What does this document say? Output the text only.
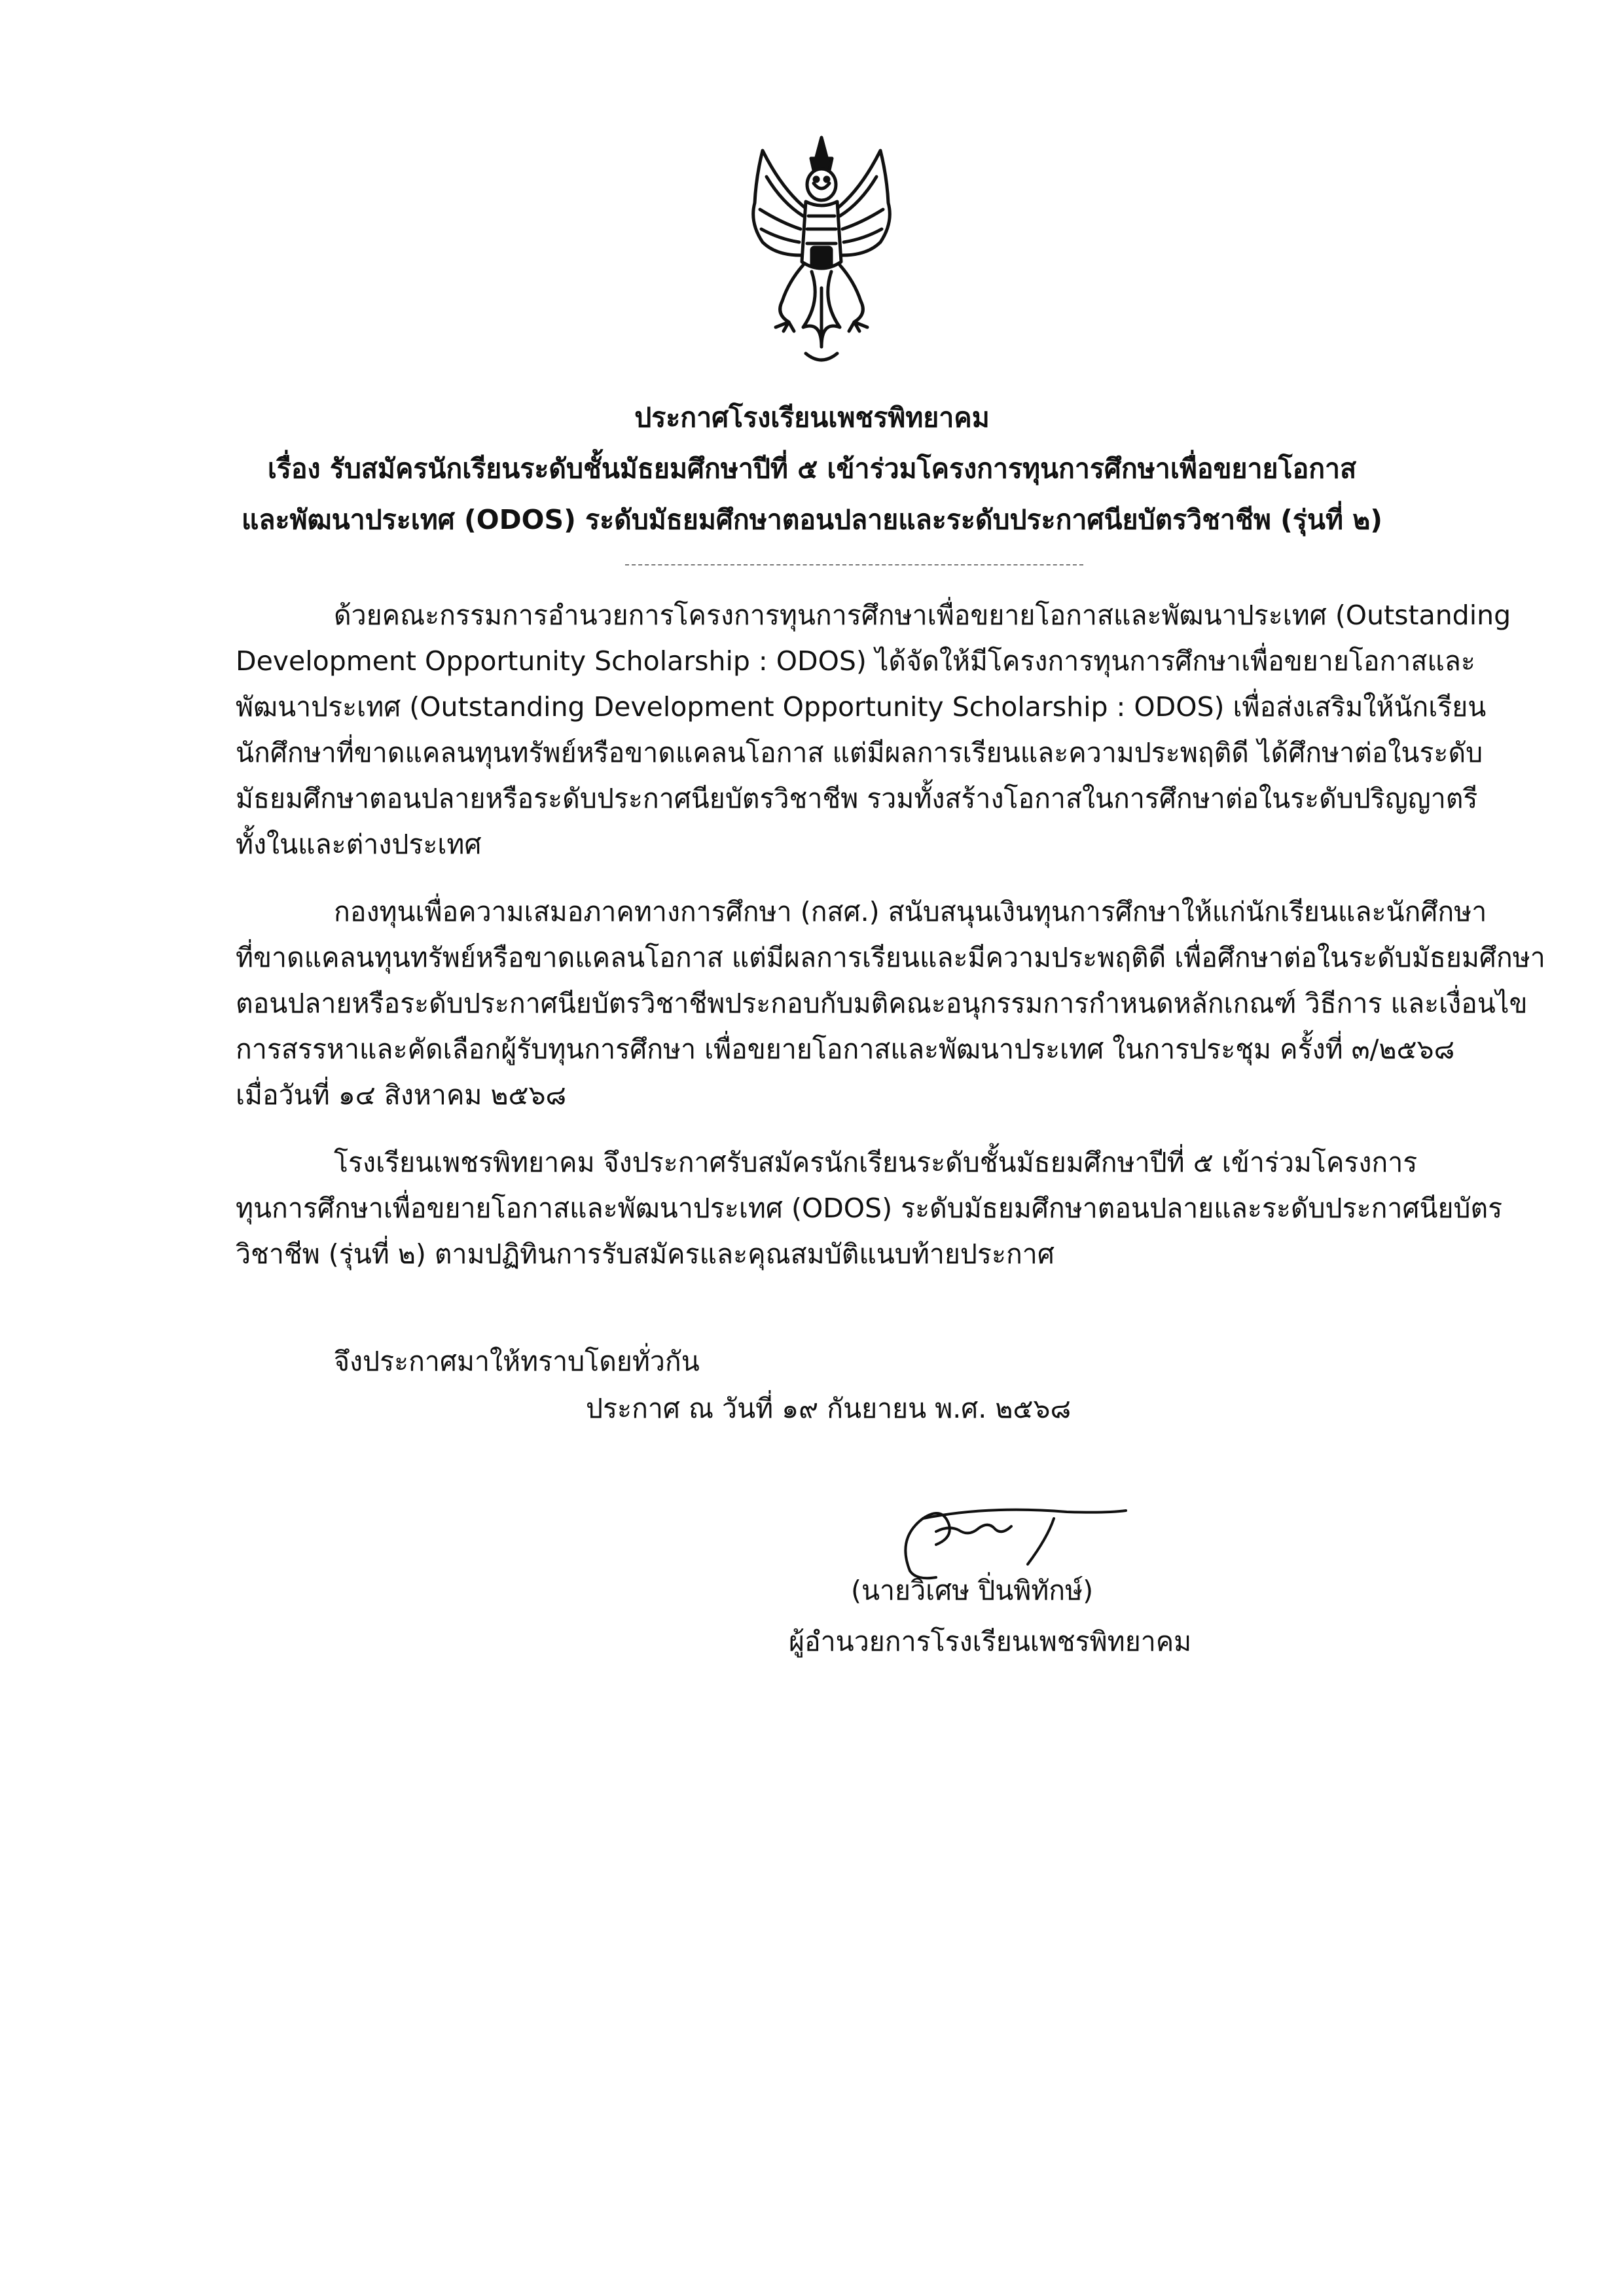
ประกาศโรงเรียนเพชรพิทยาคม
เรื่อง รับสมัครนักเรียนระดับชั้นมัธยมศึกษาปีที่ ๕ เข้าร่วมโครงการทุนการศึกษาเพื่อขยายโอกาส
และพัฒนาประเทศ (ODOS) ระดับมัธยมศึกษาตอนปลายและระดับประกาศนียบัตรวิชาชีพ (รุ่นที่ ๒)
ด้วยคณะกรรมการอำนวยการโครงการทุนการศึกษาเพื่อขยายโอกาสและพัฒนาประเทศ (Outstanding
Development Opportunity Scholarship : ODOS) ได้จัดให้มีโครงการทุนการศึกษาเพื่อขยายโอกาสและ
พัฒนาประเทศ (Outstanding Development Opportunity Scholarship : ODOS) เพื่อส่งเสริมให้นักเรียน
นักศึกษาที่ขาดแคลนทุนทรัพย์หรือขาดแคลนโอกาส แต่มีผลการเรียนและความประพฤติดี ได้ศึกษาต่อในระดับ
มัธยมศึกษาตอนปลายหรือระดับประกาศนียบัตรวิชาชีพ รวมทั้งสร้างโอกาสในการศึกษาต่อในระดับปริญญาตรี
ทั้งในและต่างประเทศ
กองทุนเพื่อความเสมอภาคทางการศึกษา (กสศ.) สนับสนุนเงินทุนการศึกษาให้แก่นักเรียนและนักศึกษา
ที่ขาดแคลนทุนทรัพย์หรือขาดแคลนโอกาส แต่มีผลการเรียนและมีความประพฤติดี เพื่อศึกษาต่อในระดับมัธยมศึกษา
ตอนปลายหรือระดับประกาศนียบัตรวิชาชีพประกอบกับมติคณะอนุกรรมการกำหนดหลักเกณฑ์ วิธีการ และเงื่อนไข
การสรรหาและคัดเลือกผู้รับทุนการศึกษา เพื่อขยายโอกาสและพัฒนาประเทศ ในการประชุม ครั้งที่ ๓/๒๕๖๘
เมื่อวันที่ ๑๔ สิงหาคม ๒๕๖๘
โรงเรียนเพชรพิทยาคม จึงประกาศรับสมัครนักเรียนระดับชั้นมัธยมศึกษาปีที่ ๕ เข้าร่วมโครงการ
ทุนการศึกษาเพื่อขยายโอกาสและพัฒนาประเทศ (ODOS) ระดับมัธยมศึกษาตอนปลายและระดับประกาศนียบัตร
วิชาชีพ (รุ่นที่ ๒) ตามปฏิทินการรับสมัครและคุณสมบัติแนบท้ายประกาศ
จึงประกาศมาให้ทราบโดยทั่วกัน
ประกาศ ณ วันที่ ๑๙ กันยายน พ.ศ. ๒๕๖๘
(นายวิเศษ ปิ่นพิทักษ์)
ผู้อำนวยการโรงเรียนเพชรพิทยาคม
